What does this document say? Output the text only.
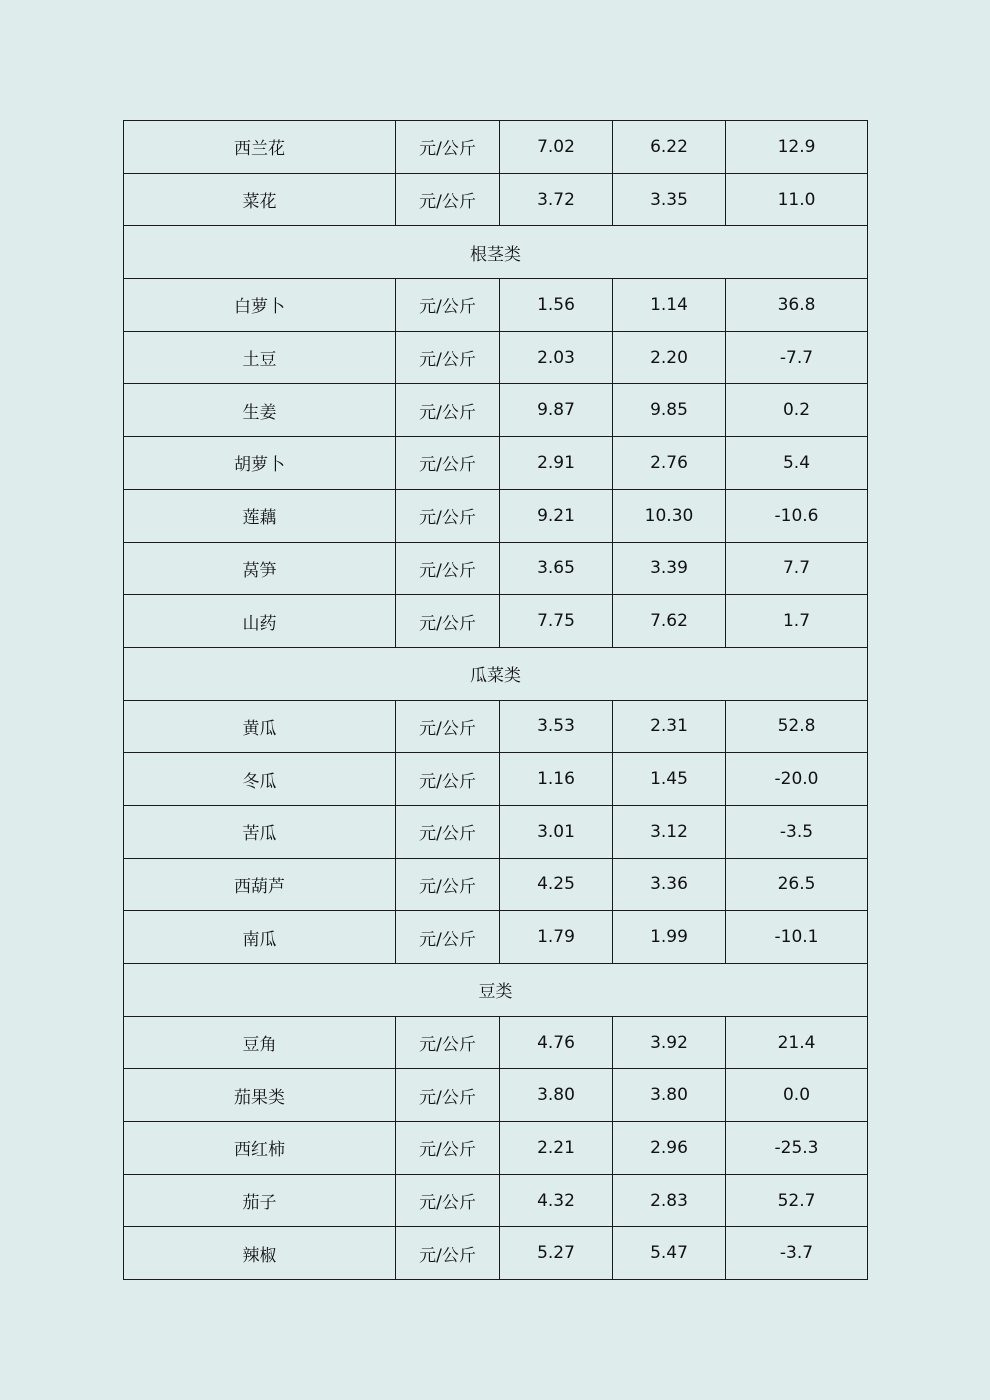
西兰花	元/公斤	7.02	6.22	12.9
菜花	元/公斤	3.72	3.35	11.0
根茎类				
白萝卜	元/公斤	1.56	1.14	36.8
土豆	元/公斤	2.03	2.20	-7.7
生姜	元/公斤	9.87	9.85	0.2
胡萝卜	元/公斤	2.91	2.76	5.4
莲藕	元/公斤	9.21	10.30	-10.6
莴笋	元/公斤	3.65	3.39	7.7
山药	元/公斤	7.75	7.62	1.7
瓜菜类				
黄瓜	元/公斤	3.53	2.31	52.8
冬瓜	元/公斤	1.16	1.45	-20.0
苦瓜	元/公斤	3.01	3.12	-3.5
西葫芦	元/公斤	4.25	3.36	26.5
南瓜	元/公斤	1.79	1.99	-10.1
豆类				
豆角	元/公斤	4.76	3.92	21.4
茄果类	元/公斤	3.80	3.80	0.0
西红柿	元/公斤	2.21	2.96	-25.3
茄子	元/公斤	4.32	2.83	52.7
辣椒	元/公斤	5.27	5.47	-3.7
